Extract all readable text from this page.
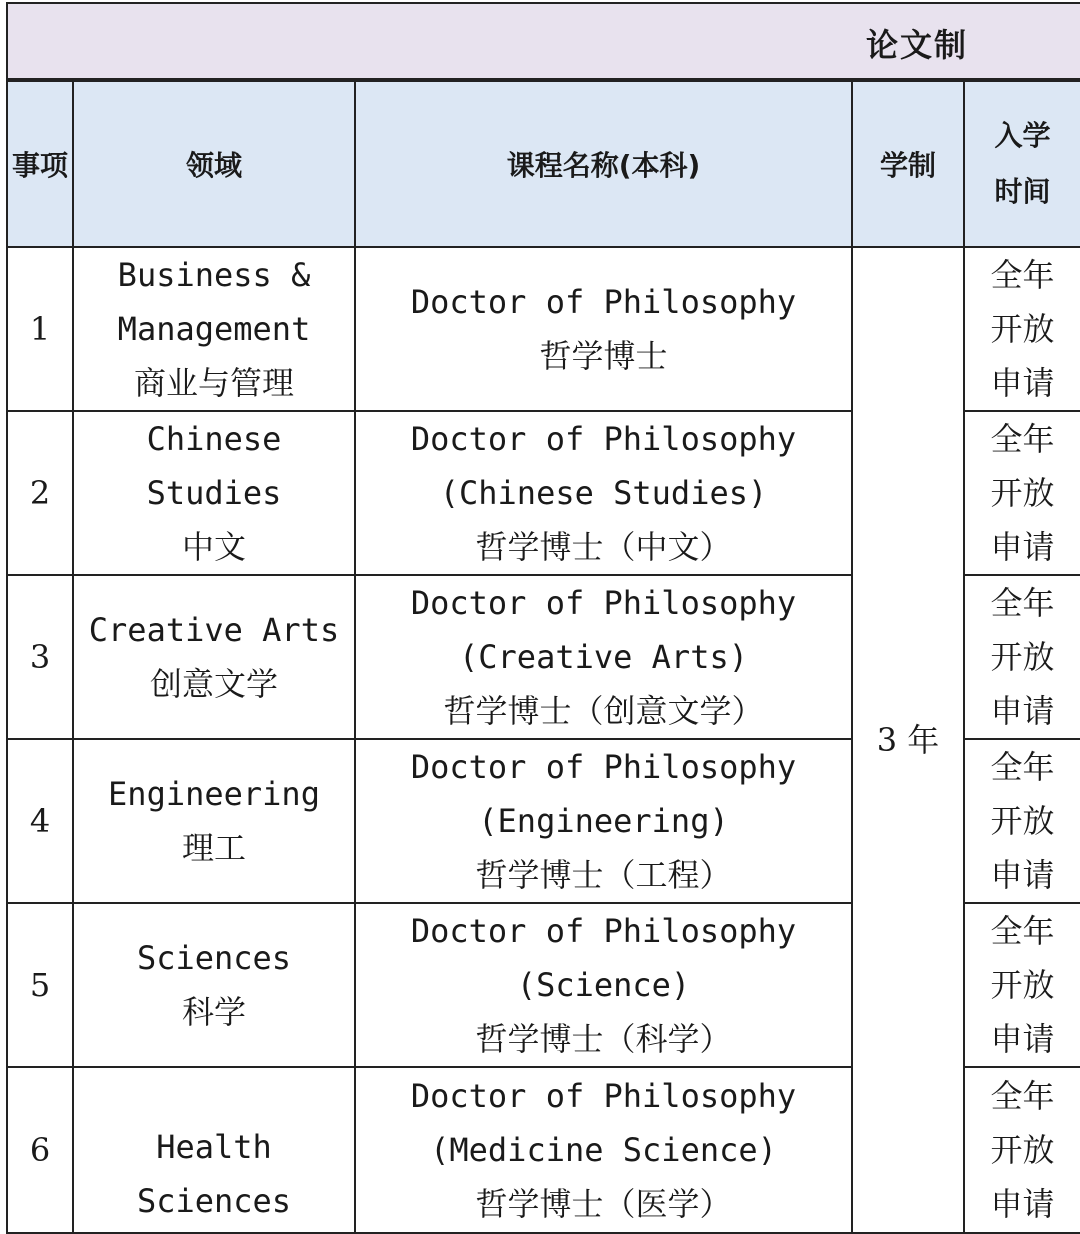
论文制
事项	领域	课程名称(本科)	学制	入学
时间

1	Business &
Management
商业与管理	Doctor of Philosophy
哲学博士	3 年	全年
开放
申请

2	Chinese
Studies
中文	Doctor of Philosophy
(Chinese Studies)
哲学博士（中文）		全年
开放
申请

3	Creative Arts
创意文学	Doctor of Philosophy
(Creative Arts)
哲学博士（创意文学）		全年
开放
申请

4	Engineering
理工	Doctor of Philosophy
(Engineering)
哲学博士（工程）		全年
开放
申请

5	Sciences
科学	Doctor of Philosophy
(Science)
哲学博士（科学）		全年
开放
申请

6	Health Sciences	Doctor of Philosophy
(Medicine Science)
哲学博士（医学）		全年
开放
申请
